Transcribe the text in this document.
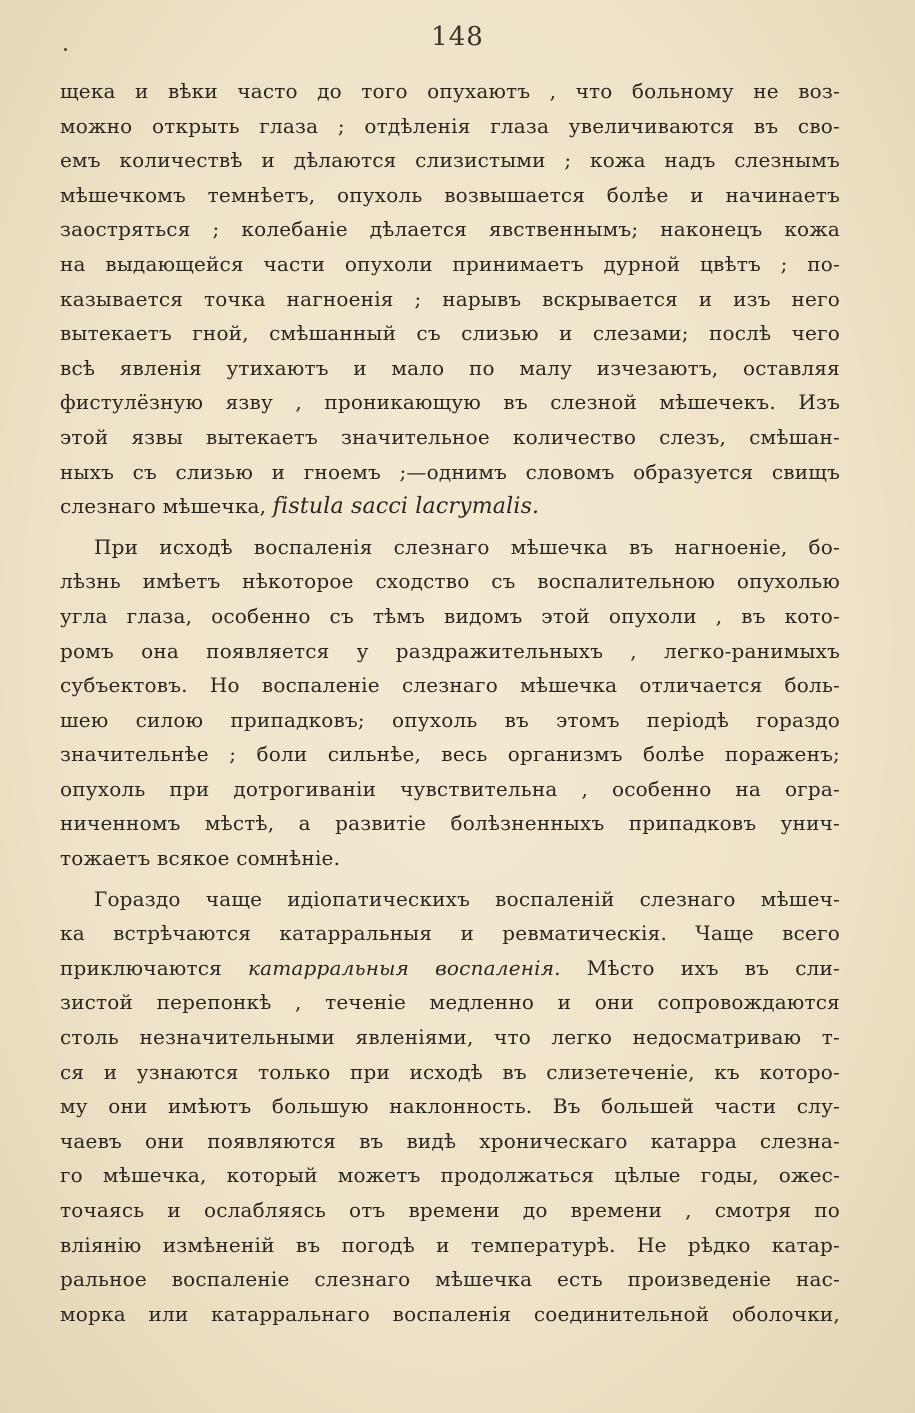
148
щека и вѣки часто до того опухаютъ , что больному не воз-
можно открыть глаза ; отдѣленія глаза увеличиваются въ сво-
емъ количествѣ и дѣлаются слизистыми ; кожа надъ слезнымъ
мѣшечкомъ темнѣетъ, опухоль возвышается болѣе и начинаетъ
заостряться ; колебаніе дѣлается явственнымъ; наконецъ кожа
на выдающейся части опухоли принимаетъ дурной цвѣтъ ; по-
казывается точка нагноенія ; нарывъ вскрывается и изъ него
вытекаетъ гной, смѣшанный съ слизью и слезами; послѣ чего
всѣ явленія утихаютъ и мало по малу изчезаютъ, оставляя
фистулёзную язву , проникающую въ слезной мѣшечекъ. Изъ
этой язвы вытекаетъ значительное количество слезъ, смѣшан-
ныхъ съ слизью и гноемъ ;—однимъ словомъ образуется свищъ
слезнаго мѣшечка, fistula sacci lacrymalis.
При исходѣ воспаленія слезнаго мѣшечка въ нагноеніе, бо-
лѣзнь имѣетъ нѣкоторое сходство съ воспалительною опухолью
угла глаза, особенно съ тѣмъ видомъ этой опухоли , въ кото-
ромъ она появляется у раздражительныхъ , легко-ранимыхъ
субъектовъ. Но воспаленіе слезнаго мѣшечка отличается боль-
шею силою припадковъ; опухоль въ этомъ періодѣ гораздо
значительнѣе ; боли сильнѣе, весь организмъ болѣе пораженъ;
опухоль при дотрогиваніи чувствительна , особенно на огра-
ниченномъ мѣстѣ, а развитіе болѣзненныхъ припадковъ унич-
тожаетъ всякое сомнѣніе.
Гораздо чаще идіопатическихъ воспаленій слезнаго мѣшеч-
ка встрѣчаются катарральныя и ревматическія. Чаще всего
приключаются катарральныя воспаленія. Мѣсто ихъ въ сли-
зистой перепонкѣ , теченіе медленно и они сопровождаются
столь незначительными явленіями, что легко недосматриваю т-
ся и узнаются только при исходѣ въ слизетеченіе, къ которо-
му они имѣютъ большую наклонность. Въ большей части слу-
чаевъ они появляются въ видѣ хроническаго катарра слезна-
го мѣшечка, который можетъ продолжаться цѣлые годы, ожес-
точаясь и ослабляясь отъ времени до времени , смотря по
вліянію измѣненій въ погодѣ и температурѣ. Не рѣдко катар-
ральное воспаленіе слезнаго мѣшечка есть произведеніе нас-
морка или катарральнаго воспаленія соединительной оболочки,
